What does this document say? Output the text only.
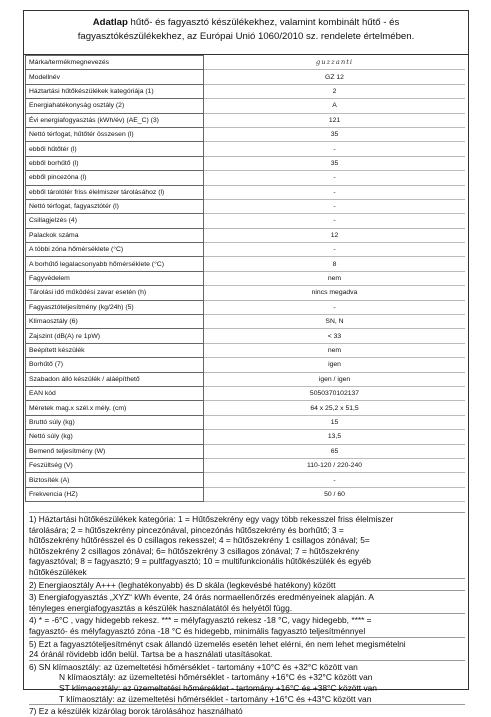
Adatlap hűtő- és fagyasztó készülékekhez, valamint kombinált hűtő - és
fagyasztókészülékekhez, az Európai Unió 1060/2010 sz. rendelete értelmében.
Márka/termékmegnevezés	guzzanti
Modellnév	GZ 12
Háztartási hűtőkészülékek kategóriája (1)	2
Energiahatékonyság osztály (2)	A
Évi energiafogyasztás (kWh/év) (AE_C) (3)	121
Nettó térfogat, hűtőtér összesen (l)	35
ebből hűtőtér (l)	-
ebből borhűtő (l)	35
ebből pincezóna (l)	-
ebből tárolótér friss élelmiszer tárolásához (l)	-
Nettó térfogat, fagyasztótér (l)	-
Csillagjelzés (4)	-
Palackok száma	12
A többi zóna hőmérséklete (°C)	-
A borhűtő legalacsonyabb hőmérséklete (°C)	8
Fagyvédelem	nem
Tárolási idő működési zavar esetén (h)	nincs megadva
Fagyasztóteljesítmény (kg/24h) (5)	-
Klímaosztály (6)	SN, N
Zajszint (dB(A) re 1pW)	< 33
Beépített készülék	nem
Borhűtő (7)	igen
Szabadon álló készülék / aláépíthető	igen / igen
EAN kód	5050370102137
Méretek mag.x szél.x mély. (cm)	64 x 25,2 x 51,5
Bruttó súly (kg)	15
Nettó súly (kg)	13,5
Bemenő teljesítmény (W)	65
Feszültség (V)	110-120 / 220-240
Biztosíték (A)	-
Frekvencia (HZ)	50 / 60

1) Háztartási hűtőkészülékek kategória: 1 = Hűtőszekrény egy vagy több rekesszel friss élelmiszer

tárolására; 2 = hűtőszekrény pincezónával, pincezónás hűtőszekrény és borhűtő; 3 =

hűtőszekrény hűtőrésszel és 0 csillagos rekesszel; 4 = hűtőszekrény 1 csillagos zónával; 5=

hűtőszekrény 2 csillagos zónával; 6= hűtőszekrény 3 csillagos zónával; 7 = hűtőszekrény

fagyasztóval; 8 = fagyasztó; 9 = pultfagyasztó; 10 = multifunkcionális hűtőkészülék és egyéb

hűtőkészülékek

2) Energiaosztály A+++ (leghatékonyabb) és D skála (legkevésbé hatékony) között

3) Energiafogyasztás „XYZ“ kWh évente, 24 órás normaellenőrzés eredményeinek alapján. A

tényleges energiafogyasztás a készülék használatától és helyétől függ.

4) * = -6°C , vagy hidegebb rekesz. *** = mélyfagyasztó rekesz -18 °C, vagy hidegebb, **** =

fagyasztó- és mélyfagyasztó zóna -18 °C és hidegebb, minimális fagyasztó teljesítménnyel

5) Ezt a fagyasztóteljesítményt csak állandó üzemelés esetén lehet elérni, én nem lehet megismételni

24 óránál rövidebb időn belül. Tartsa be a használati utasításokat.

6) SN klímaosztály: az üzemeltetési hőmérséklet - tartomány +10°C és +32°C között van

N klímaosztály: az üzemeltetési hőmérséklet - tartomány +16°C és +32°C között van

ST klímaosztály: az üzemeltetési hőmérséklet - tartomány +16°C és +38°C között van

T klímaosztály: az üzemeltetési hőmérséklet - tartomány +16°C és +43°C között van

7) Ez a készülék kizárólag borok tárolásához használható
